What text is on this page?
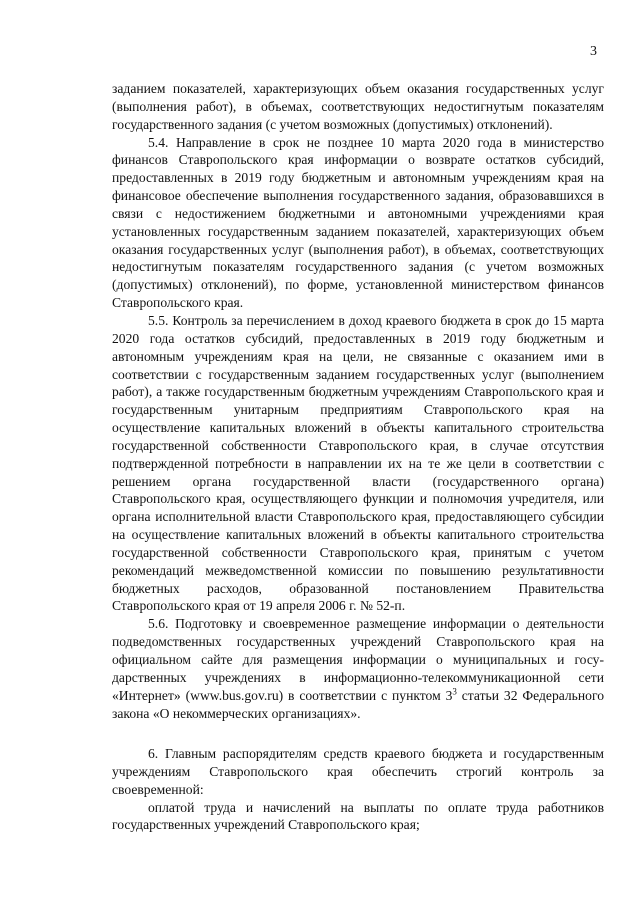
3

заданием показателей, характеризующих объем оказания государственных услуг (выполнения работ), в объемах, соответствующих недостигнутым показателям государственного задания (с учетом возможных (допустимых) отклонений).

5.4. Направление в срок не позднее 10 марта 2020 года в министерство финансов Ставропольского края информации о возврате остатков субсидий, предоставленных в 2019 году бюджетным и автономным учреждениям края на финансовое обеспечение выполнения государственного задания, образовавшихся в связи с недостижением бюджетными и автономными учреждениями края установленных государственным заданием показателей, характеризующих объем оказания государственных услуг (выполнения работ), в объемах, соответствующих недостигнутым показателям государственного задания (с учетом возможных (допустимых) отклонений), по форме, установленной министерством финансов Ставропольского края.

5.5. Контроль за перечислением в доход краевого бюджета в срок до 15 марта 2020 года остатков субсидий, предоставленных в 2019 году бюджетным и автономным учреждениям края на цели, не связанные с оказанием ими в соответствии с государственным заданием государственных услуг (выполнением работ), а также государственным бюджетным учреждениям Ставропольского края и государственным унитарным предприятиям Ставропольского края на осуществление капитальных вложений в объекты капитального строительства государственной собственности Ставропольского края, в случае отсутствия подтвержденной потребности в направлении их на те же цели в соответствии с решением органа государственной власти (государственного органа) Ставропольского края, осуществляющего функции и полномочия учредителя, или органа исполнительной власти Ставропольского края, предоставляющего субсидии на осуществление капитальных вложений в объекты капитального строительства государственной собственности Ставропольского края, принятым с учетом рекомендаций межведомственной комиссии по повышению результативности бюджетных расходов, образованной постановлением Правительства Ставропольского края от 19 апреля 2006 г. № 52-п.

5.6. Подготовку и своевременное размещение информации о деятельности подведомственных государственных учреждений Ставропольского края на официальном сайте для размещения информации о муниципальных и государственных учреждениях в информационно-телекоммуникационной сети «Интернет» (www.bus.gov.ru) в соответствии с пунктом $3^3$ статьи 32 Федерального закона «О некоммерческих организациях».

6. Главным распорядителям средств краевого бюджета и государственным учреждениям Ставропольского края обеспечить строгий контроль за своевременной:

оплатой труда и начислений на выплаты по оплате труда работников государственных учреждений Ставропольского края;
